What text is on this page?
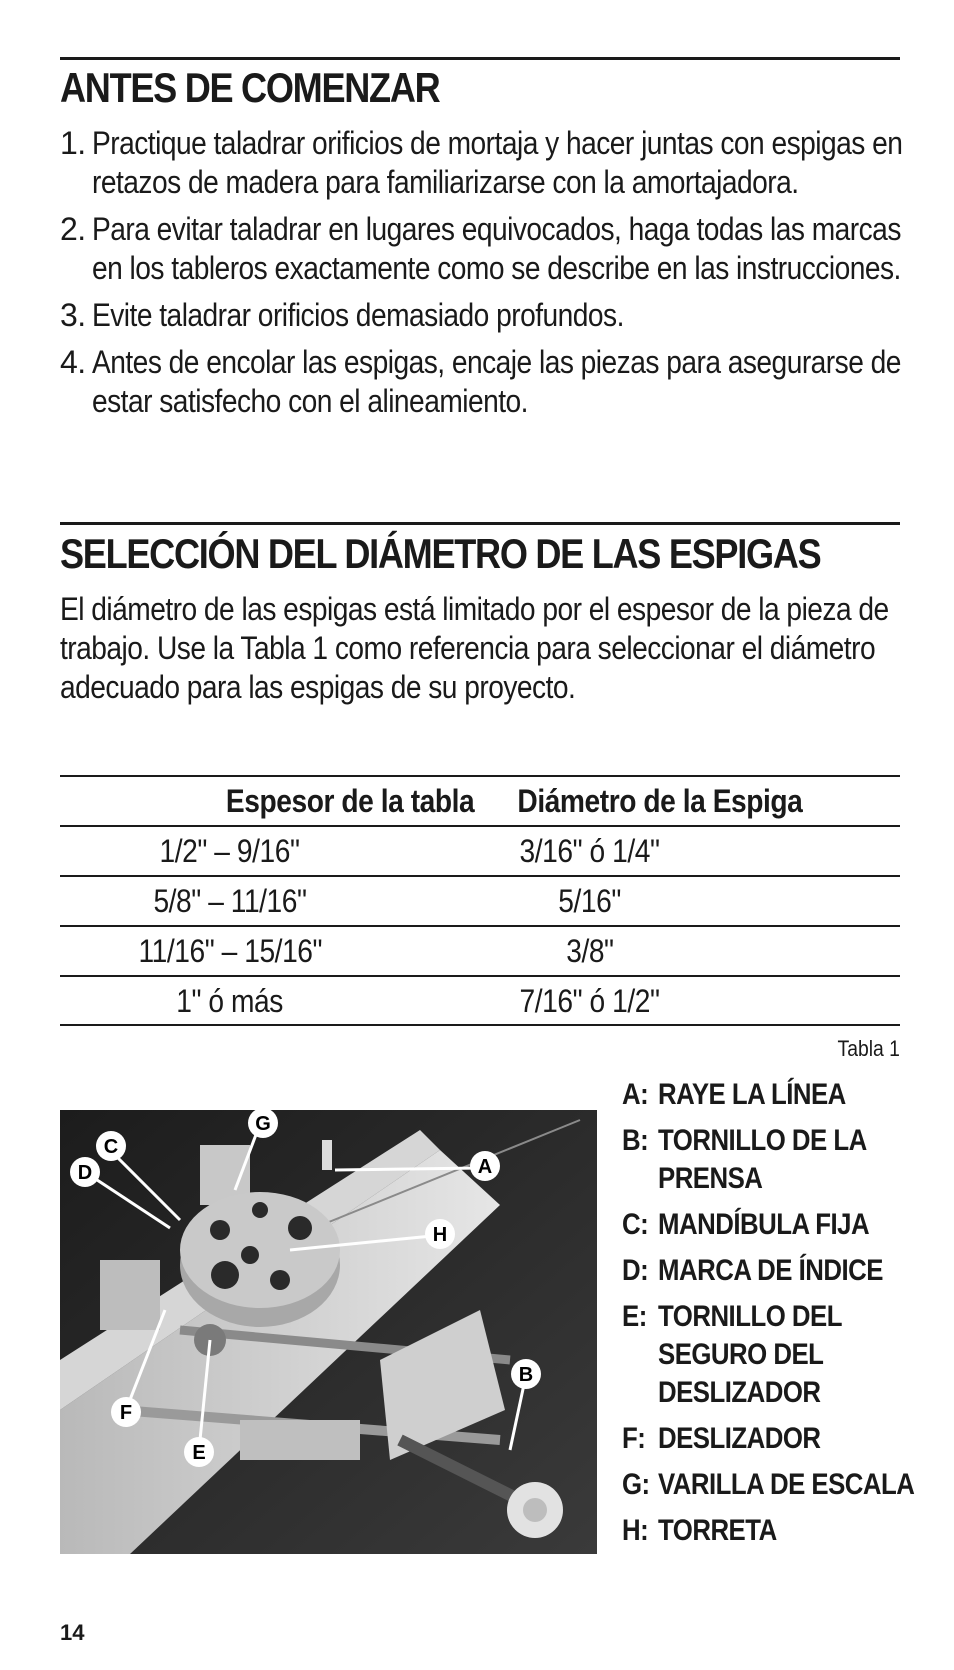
ANTES DE COMENZAR
1. Practique taladrar orificios de mortaja y hacer juntas con espigas en retazos de madera para familiarizarse con la amortajadora.
2. Para evitar taladrar en lugares equivocados, haga todas las marcas en los tableros exactamente como se describe en las instrucciones.
3. Evite taladrar orificios demasiado profundos.
4. Antes de encolar las espigas, encaje las piezas para asegurarse de estar satisfecho con el alineamiento.
SELECCIÓN DEL DIÁMETRO DE LAS ESPIGAS

El diámetro de las espigas está limitado por el espesor de la pieza de trabajo. Use la Tabla 1 como referencia para seleccionar el diámetro adecuado para las espigas de su proyecto.

Espesor de la tabla	Diámetro de la Espiga
1/2" – 9/16"	3/16" ó 1/4"
5/8" – 11/16"	5/16"
11/16" – 15/16"	3/8"
1" ó más	7/16" ó 1/2"
Tabla 1
G
C
D	A
H
B
F
E
A: RAYE LA LÍNEA
B: TORNILLO DE LA PRENSA
C: MANDÍBULA FIJA
D: MARCA DE ÍNDICE
E: TORNILLO DEL SEGURO DEL DESLIZADOR
F: DESLIZADOR
G: VARILLA DE ESCALA
H: TORRETA
14
